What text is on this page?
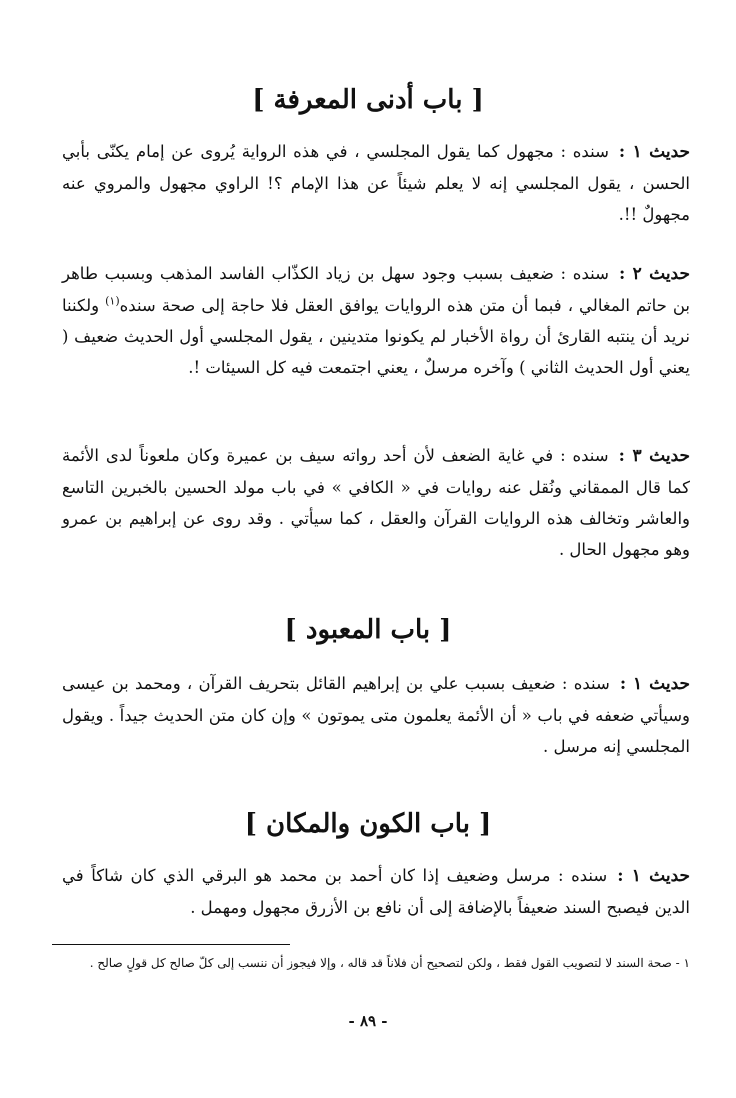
[ باب أدنى المعرفة ]
حديث ١ :سنده : مجهول كما يقول المجلسي ، في هذه الرواية يُروى عن إمام يكنّى بأبي الحسن ، يقول المجلسي إنه لا يعلم شيئاً عن هذا الإمام ؟! الراوي مجهول والمروي عنه مجهولٌ !!.
حديث ٢ :سنده : ضعيف بسبب وجود سهل بن زياد الكذّاب الفاسد المذهب وبسبب طاهر بن حاتم المغالي ، فبما أن متن هذه الروايات يوافق العقل فلا حاجة إلى صحة سنده$^{(١)}$ ولكننا نريد أن ينتبه القارئ أن رواة الأخبار لم يكونوا متدينين ، يقول المجلسي أول الحديث ضعيف ( يعني أول الحديث الثاني ) وآخره مرسلٌ ، يعني اجتمعت فيه كل السيئات !.
حديث ٣ :سنده : في غاية الضعف لأن أحد رواته سيف بن عميرة وكان ملعوناً لدى الأئمة كما قال الممقاني ونُقل عنه روايات في « الكافي » في باب مولد الحسين بالخبرين التاسع والعاشر وتخالف هذه الروايات القرآن والعقل ، كما سيأتي . وقد روى عن إبراهيم بن عمرو وهو مجهول الحال .
[ باب المعبود ]
حديث ١ :سنده : ضعيف بسبب علي بن إبراهيم القائل بتحريف القرآن ، ومحمد بن عيسى وسيأتي ضعفه في باب « أن الأئمة يعلمون متى يموتون » وإن كان متن الحديث جيداً . ويقول المجلسي إنه مرسل .
[ باب الكون والمكان ]
حديث ١ :سنده : مرسل وضعيف إذا كان أحمد بن محمد هو البرقي الذي كان شاكاً في الدين فيصبح السند ضعيفاً بالإضافة إلى أن نافع بن الأزرق مجهول ومهمل .
١ - صحة السند لا لتصويب القول فقط ، ولكن لتصحيح أن فلاناً قد قاله ، وإلا فيجوز أن ننسب إلى كلّ صالح كل قولٍ صالح .
- ٨٩ -
